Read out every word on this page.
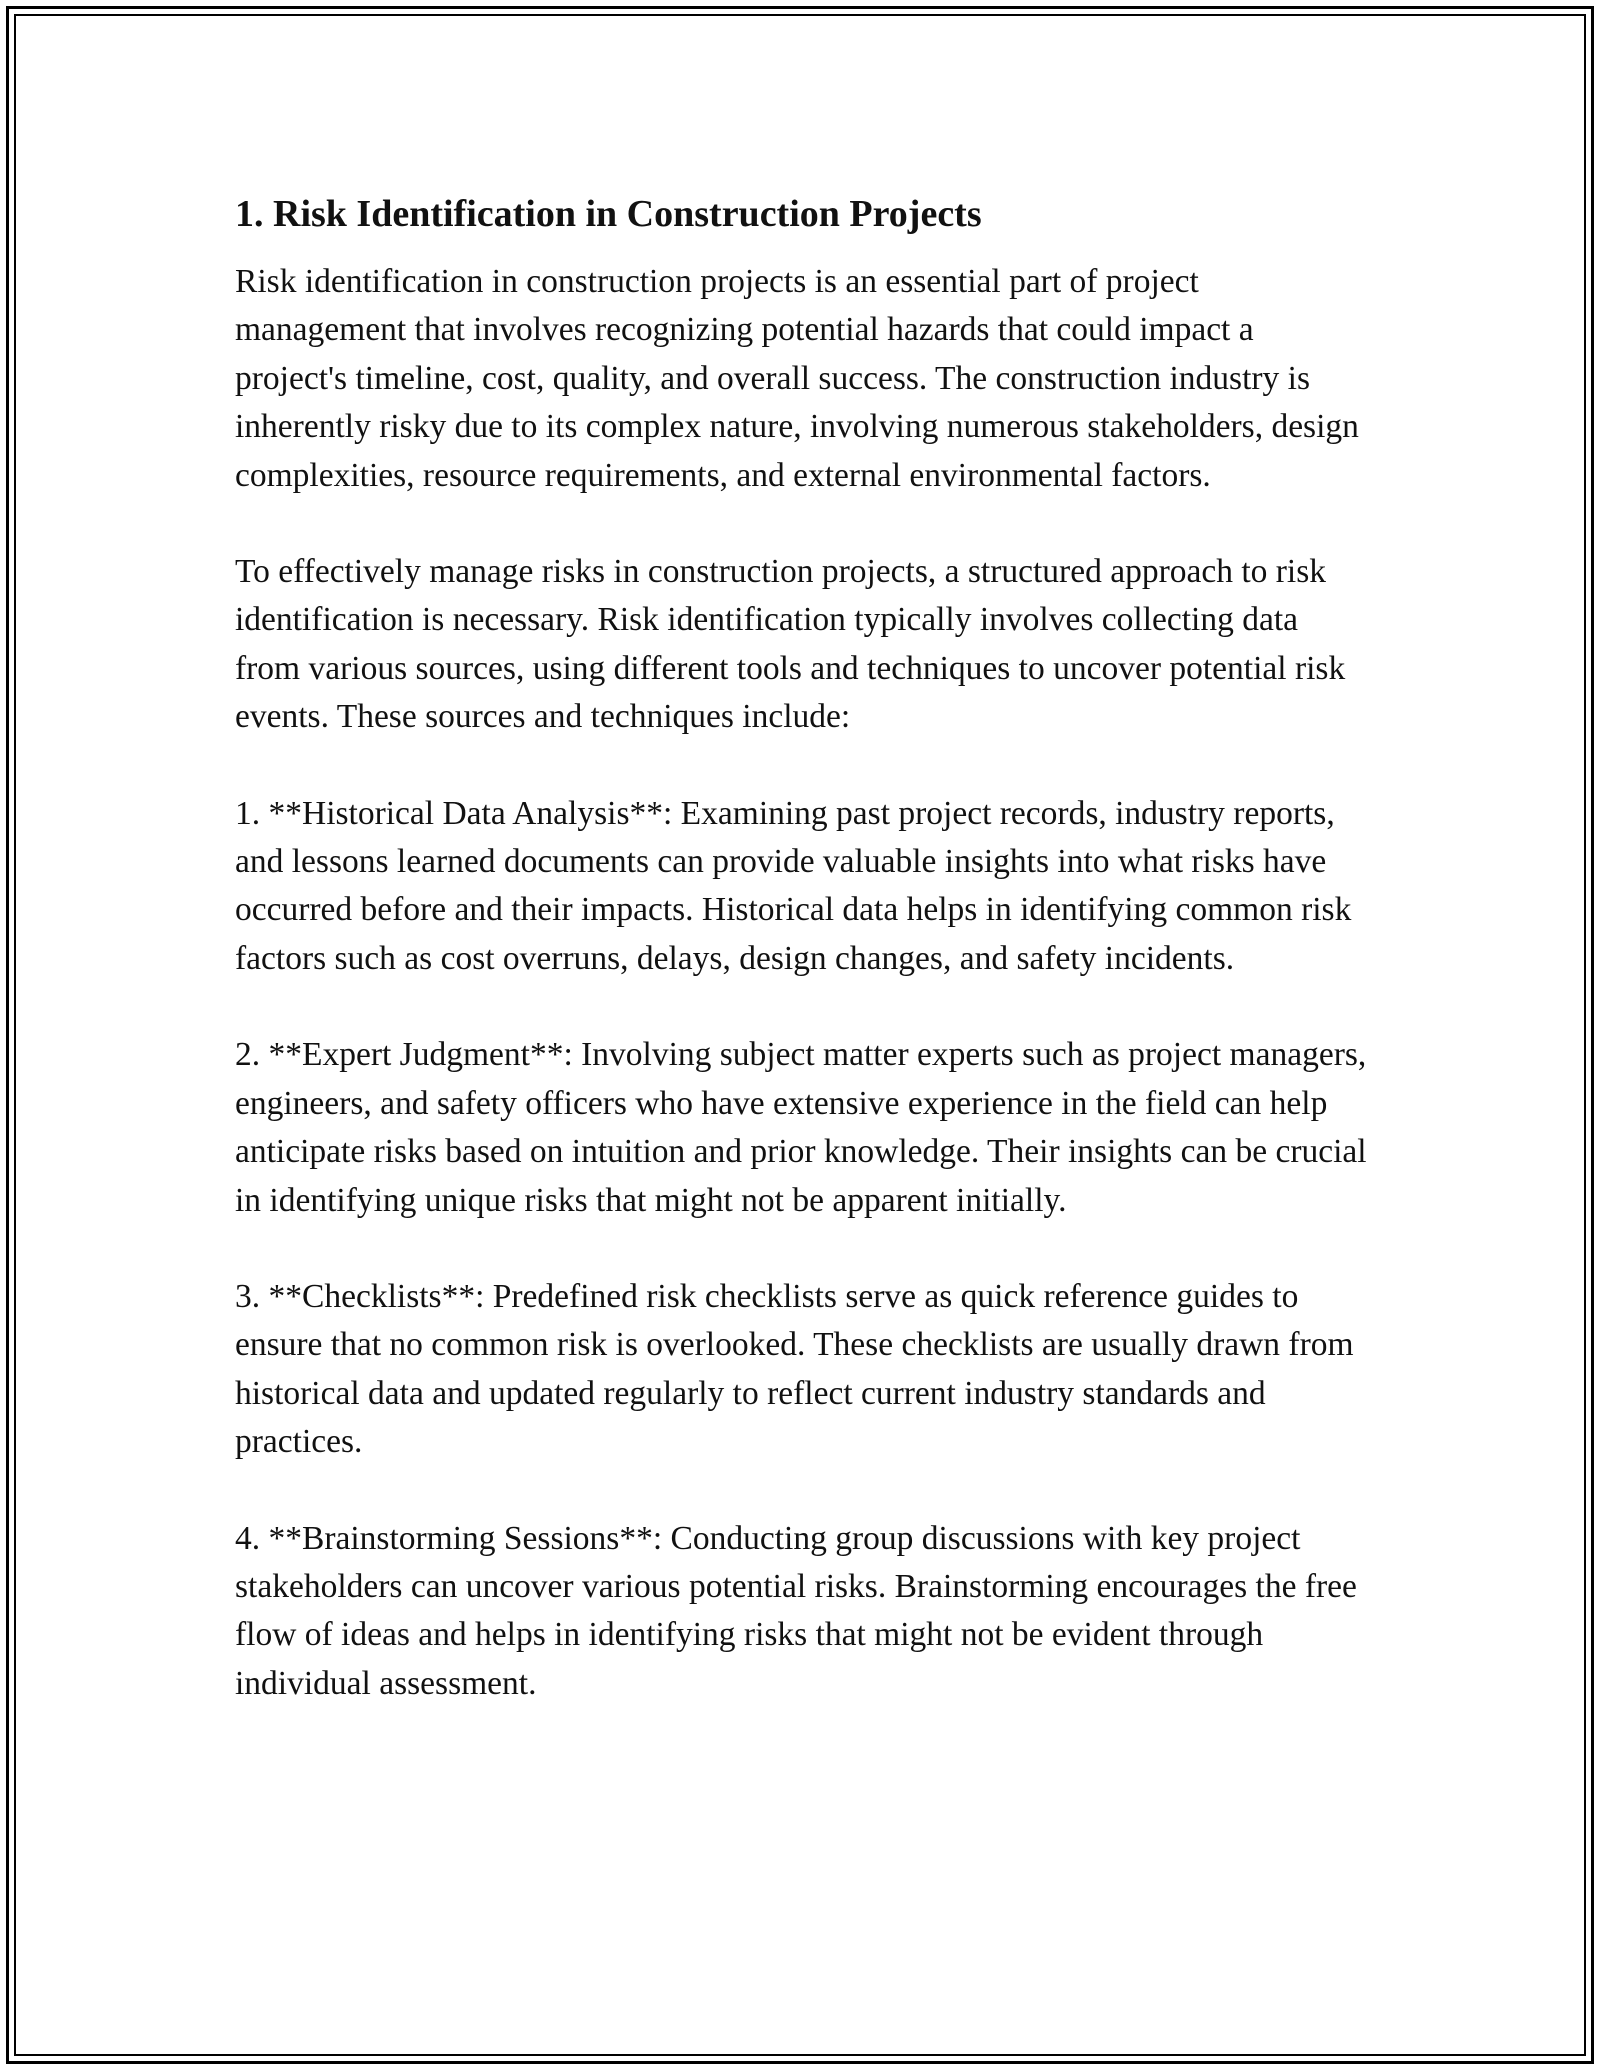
1. Risk Identification in Construction Projects

Risk identification in construction projects is an essential part of project management that involves recognizing potential hazards that could impact a project's timeline, cost, quality, and overall success. The construction industry is inherently risky due to its complex nature, involving numerous stakeholders, design complexities, resource requirements, and external environmental factors.

To effectively manage risks in construction projects, a structured approach to risk identification is necessary. Risk identification typically involves collecting data from various sources, using different tools and techniques to uncover potential risk events. These sources and techniques include:

1. **Historical Data Analysis**: Examining past project records, industry reports, and lessons learned documents can provide valuable insights into what risks have occurred before and their impacts. Historical data helps in identifying common risk factors such as cost overruns, delays, design changes, and safety incidents.

2. **Expert Judgment**: Involving subject matter experts such as project managers, engineers, and safety officers who have extensive experience in the field can help anticipate risks based on intuition and prior knowledge. Their insights can be crucial in identifying unique risks that might not be apparent initially.

3. **Checklists**: Predefined risk checklists serve as quick reference guides to ensure that no common risk is overlooked. These checklists are usually drawn from historical data and updated regularly to reflect current industry standards and practices.

4. **Brainstorming Sessions**: Conducting group discussions with key project stakeholders can uncover various potential risks. Brainstorming encourages the free flow of ideas and helps in identifying risks that might not be evident through individual assessment.
